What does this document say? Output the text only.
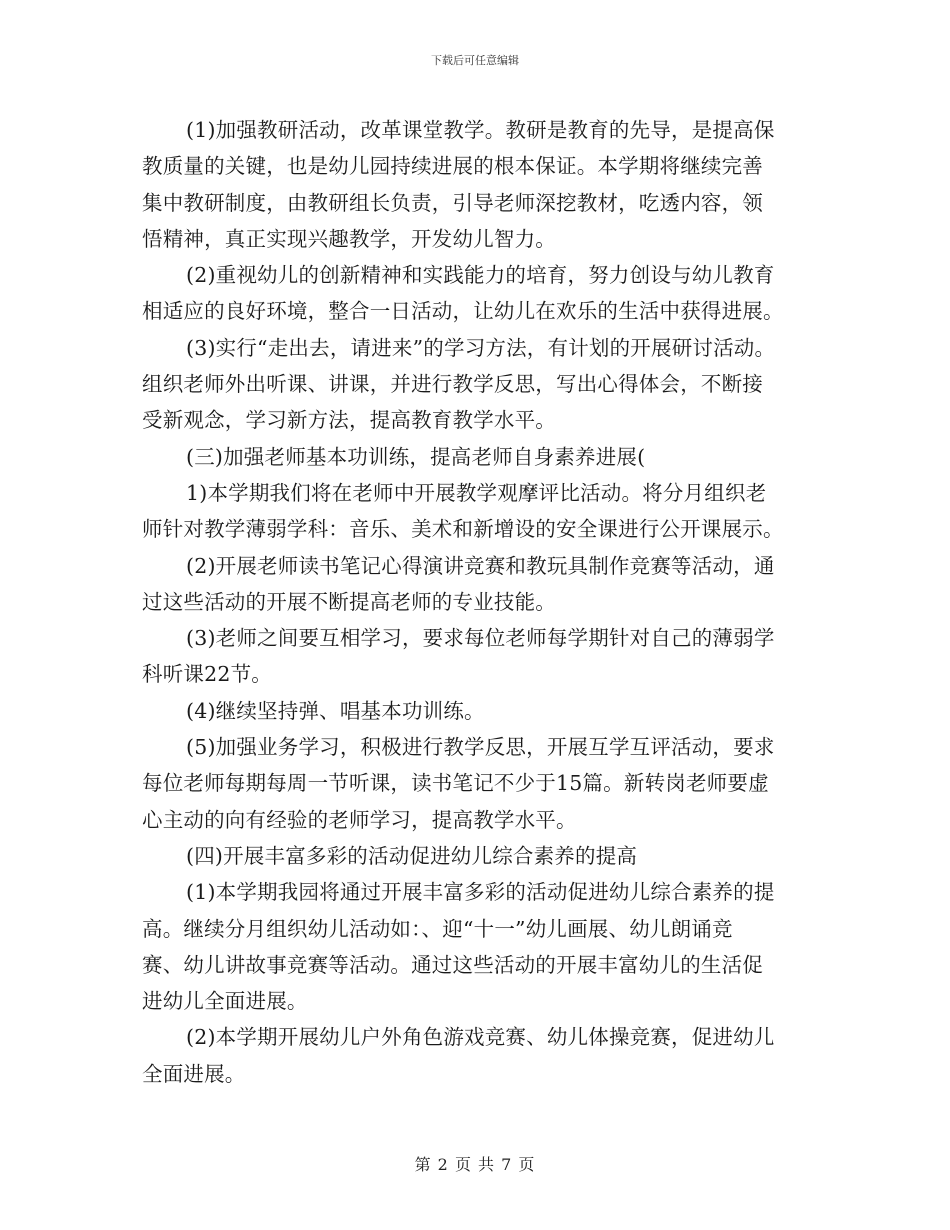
下载后可任意编辑
(1)加强教研活动，改革课堂教学。教研是教育的先导，是提高保
教质量的关键，也是幼儿园持续进展的根本保证。本学期将继续完善
集中教研制度，由教研组长负责，引导老师深挖教材，吃透内容，领
悟精神，真正实现兴趣教学，开发幼儿智力。
(2)重视幼儿的创新精神和实践能力的培育，努力创设与幼儿教育
相适应的良好环境，整合一日活动，让幼儿在欢乐的生活中获得进展。
(3)实行“走出去，请进来”的学习方法，有计划的开展研讨活动。
组织老师外出听课、讲课，并进行教学反思，写出心得体会，不断接
受新观念，学习新方法，提高教育教学水平。
(三)加强老师基本功训练，提高老师自身素养进展(
1)本学期我们将在老师中开展教学观摩评比活动。将分月组织老
师针对教学薄弱学科：音乐、美术和新增设的安全课进行公开课展示。
(2)开展老师读书笔记心得演讲竞赛和教玩具制作竞赛等活动，通
过这些活动的开展不断提高老师的专业技能。
(3)老师之间要互相学习，要求每位老师每学期针对自己的薄弱学
科听课22节。
(4)继续坚持弹、唱基本功训练。
(5)加强业务学习，积极进行教学反思，开展互学互评活动，要求
每位老师每期每周一节听课，读书笔记不少于15篇。新转岗老师要虚
心主动的向有经验的老师学习，提高教学水平。
(四)开展丰富多彩的活动促进幼儿综合素养的提高
(1)本学期我园将通过开展丰富多彩的活动促进幼儿综合素养的提
高。继续分月组织幼儿活动如：、迎“十一”幼儿画展、幼儿朗诵竞
赛、幼儿讲故事竞赛等活动。通过这些活动的开展丰富幼儿的生活促
进幼儿全面进展。
(2)本学期开展幼儿户外角色游戏竞赛、幼儿体操竞赛，促进幼儿
全面进展。
第 2 页 共 7 页
